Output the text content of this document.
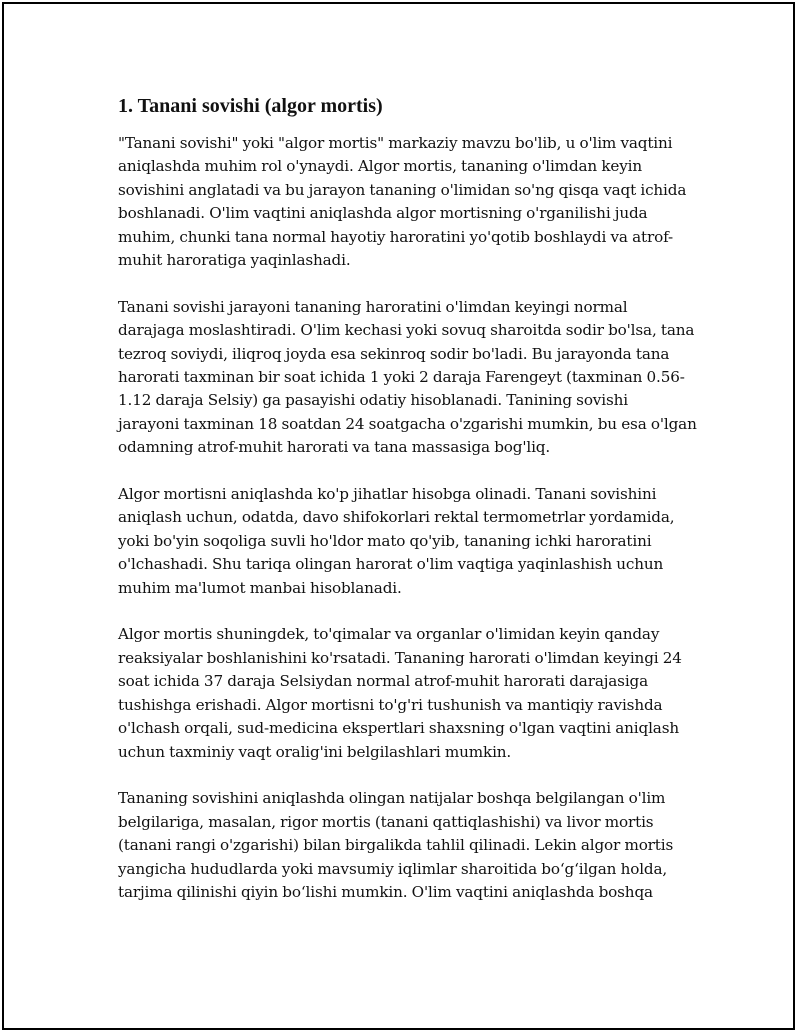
1. Tanani sovishi (algor mortis)

"Tanani sovishi" yoki "algor mortis" markaziy mavzu bo'lib, u o'lim vaqtini
aniqlashda muhim rol o'ynaydi. Algor mortis, tananing o'limdan keyin
sovishini anglatadi va bu jarayon tananing o'limidan so'ng qisqa vaqt ichida
boshlanadi. O'lim vaqtini aniqlashda algor mortisning o'rganilishi juda
muhim, chunki tana normal hayotiy haroratini yo'qotib boshlaydi va atrof-
muhit haroratiga yaqinlashadi.

Tanani sovishi jarayoni tananing haroratini o'limdan keyingi normal
darajaga moslashtiradi. O'lim kechasi yoki sovuq sharoitda sodir bo'lsa, tana
tezroq soviydi, iliqroq joyda esa sekinroq sodir bo'ladi. Bu jarayonda tana
harorati taxminan bir soat ichida 1 yoki 2 daraja Farengeyt (taxminan 0.56-
1.12 daraja Selsiy) ga pasayishi odatiy hisoblanadi. Tanining sovishi
jarayoni taxminan 18 soatdan 24 soatgacha o'zgarishi mumkin, bu esa o'lgan
odamning atrof-muhit harorati va tana massasiga bog'liq.

Algor mortisni aniqlashda ko'p jihatlar hisobga olinadi. Tanani sovishini
aniqlash uchun, odatda, davo shifokorlari rektal termometrlar yordamida,
yoki bo'yin soqoliga suvli ho'ldor mato qo'yib, tananing ichki haroratini
o'lchashadi. Shu tariqa olingan harorat o'lim vaqtiga yaqinlashish uchun
muhim ma'lumot manbai hisoblanadi.

Algor mortis shuningdek, to'qimalar va organlar o'limidan keyin qanday
reaksiyalar boshlanishini ko'rsatadi. Tananing harorati o'limdan keyingi 24
soat ichida 37 daraja Selsiydan normal atrof-muhit harorati darajasiga
tushishga erishadi. Algor mortisni to'g'ri tushunish va mantiqiy ravishda
o'lchash orqali, sud-medicina ekspertlari shaxsning o'lgan vaqtini aniqlash
uchun taxminiy vaqt oralig'ini belgilashlari mumkin.

Tananing sovishini aniqlashda olingan natijalar boshqa belgilangan o'lim
belgilariga, masalan, rigor mortis (tanani qattiqlashishi) va livor mortis
(tanani rangi o'zgarishi) bilan birgalikda tahlil qilinadi. Lekin algor mortis
yangicha hududlarda yoki mavsumiy iqlimlar sharoitida bo‘g‘ilgan holda,
tarjima qilinishi qiyin bo‘lishi mumkin. O'lim vaqtini aniqlashda boshqa
